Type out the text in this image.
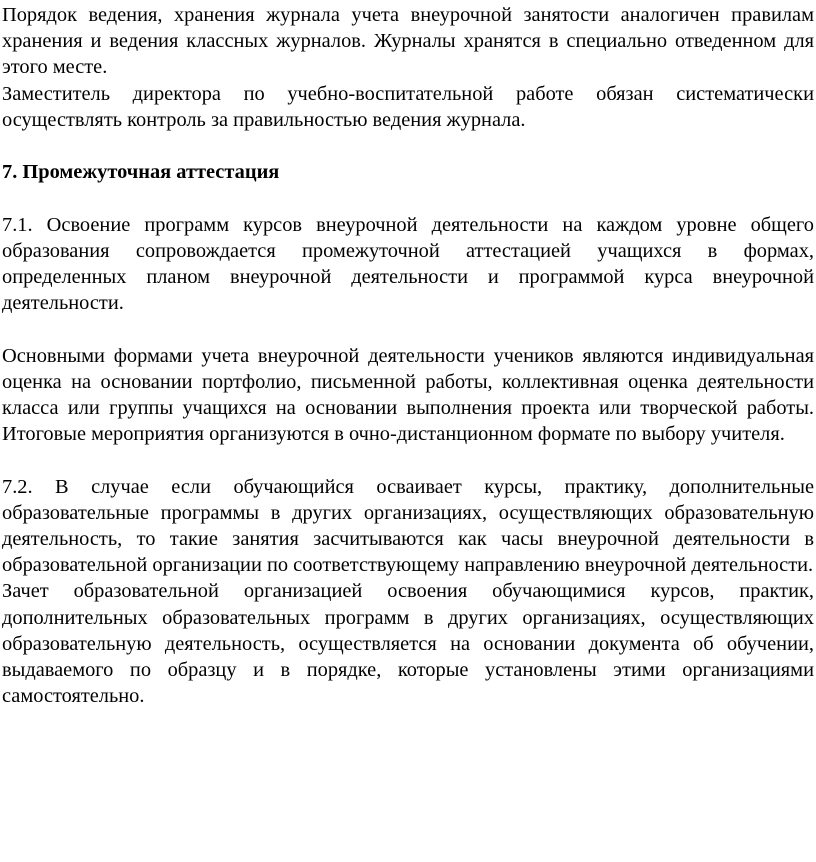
Порядок ведения, хранения журнала учета внеурочной занятости аналогичен правилам хранения и ведения классных журналов. Журналы хранятся в специально отведенном для этого месте.

Заместитель директора по учебно-воспитательной работе обязан систематически осуществлять контроль за правильностью ведения журнала.

7. Промежуточная аттестация

7.1. Освоение программ курсов внеурочной деятельности на каждом уровне общего образования сопровождается промежуточной аттестацией учащихся в формах, определенных планом внеурочной деятельности и программой курса внеурочной деятельности.

Основными формами учета внеурочной деятельности учеников являются индивидуальная оценка на основании портфолио, письменной работы, коллективная оценка деятельности класса или группы учащихся на основании выполнения проекта или творческой работы. Итоговые мероприятия организуются в очно-дистанционном формате по выбору учителя.

7.2. В случае если обучающийся осваивает курсы, практику, дополнительные образовательные программы в других организациях, осуществляющих образовательную деятельность, то такие занятия засчитываются как часы внеурочной деятельности в образовательной организации по соответствующему направлению внеурочной деятельности.

Зачет образовательной организацией освоения обучающимися курсов, практик, дополнительных образовательных программ в других организациях, осуществляющих образовательную деятельность, осуществляется на основании документа об обучении, выдаваемого по образцу и в порядке, которые установлены этими организациями самостоятельно.
